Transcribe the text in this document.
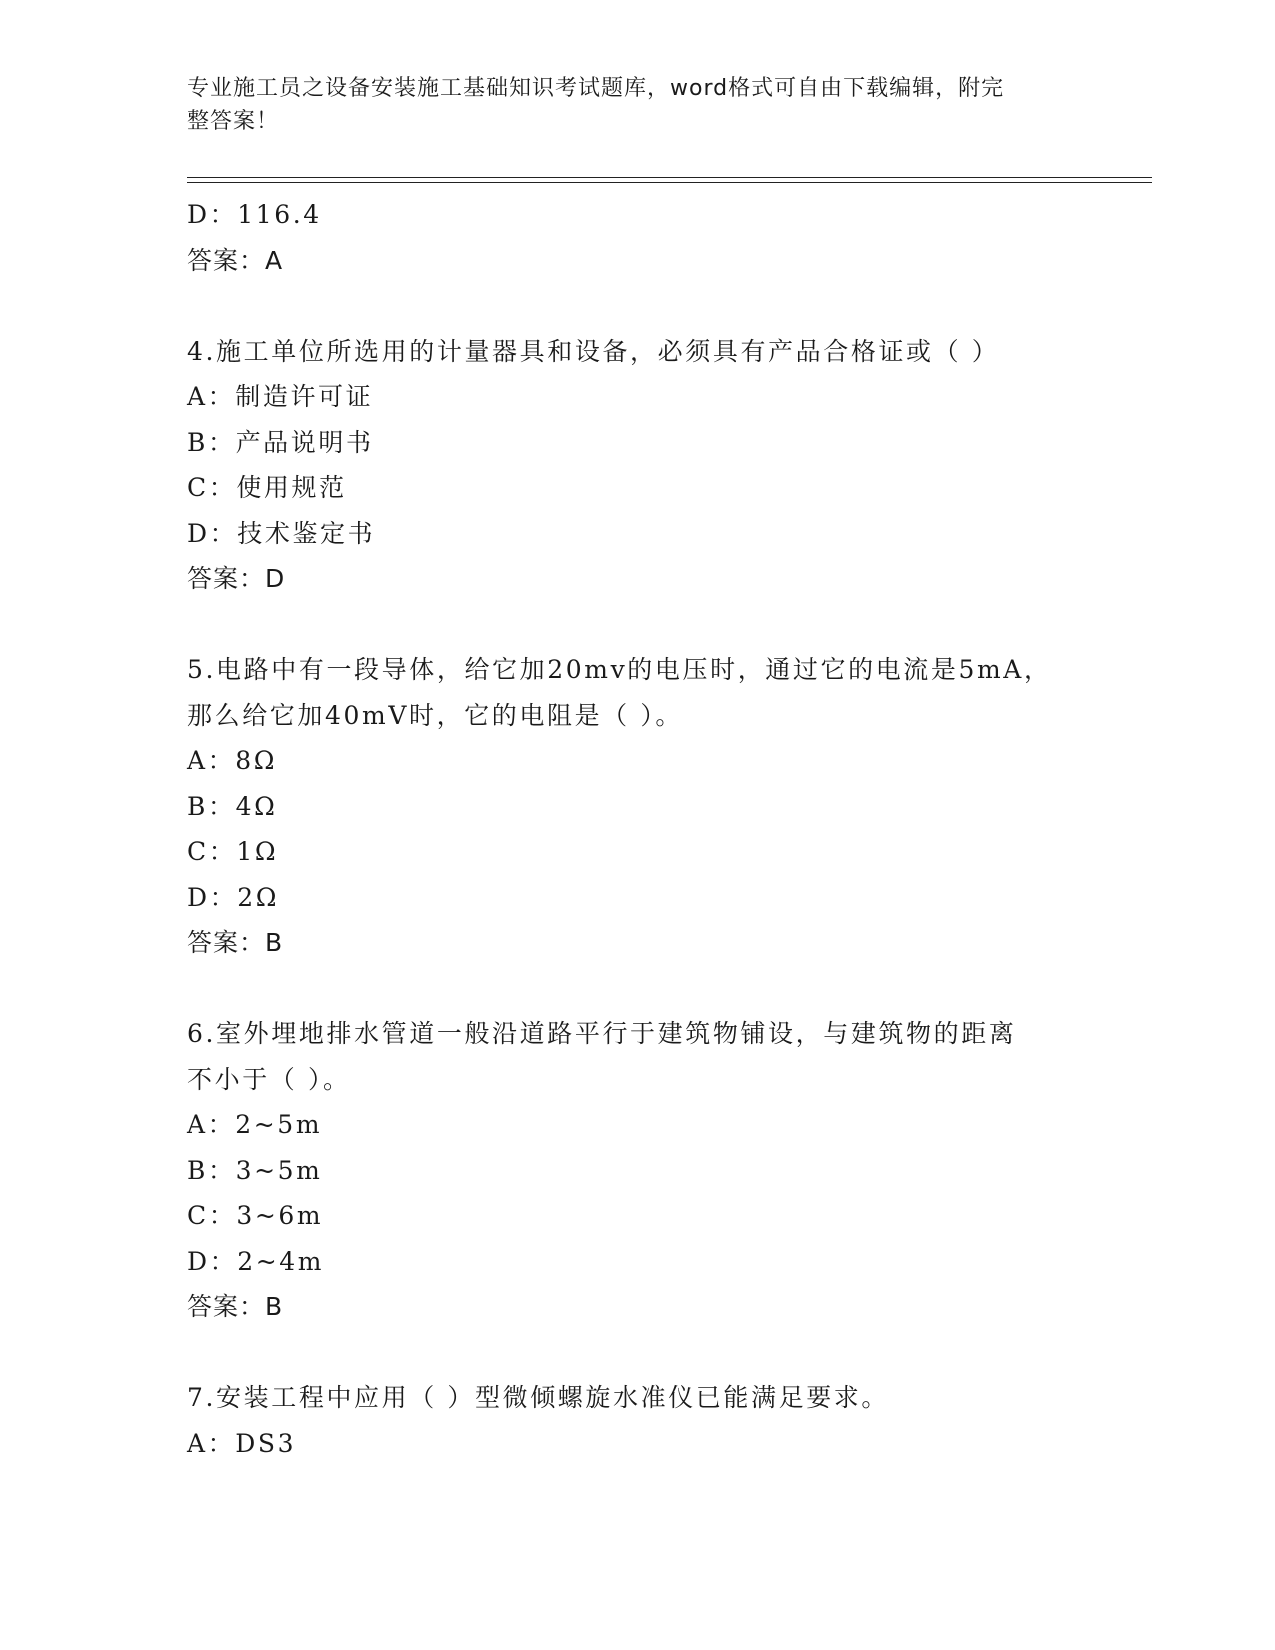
专业施工员之设备安装施工基础知识考试题库，word格式可自由下载编辑，附完
整答案！

D：116.4

答案：A

4.施工单位所选用的计量器具和设备，必须具有产品合格证或（ ）

A：制造许可证

B：产品说明书

C：使用规范

D：技术鉴定书

答案：D

5.电路中有一段导体，给它加20mv的电压时，通过它的电流是5mA，

那么给它加40mV时，它的电阻是（ ）。

A：8Ω

B：4Ω

C：1Ω

D：2Ω

答案：B

6.室外埋地排水管道一般沿道路平行于建筑物铺设，与建筑物的距离

不小于（ ）。

A：2~5m

B：3~5m

C：3~6m

D：2~4m

答案：B

7.安装工程中应用（ ）型微倾螺旋水准仪已能满足要求。

A：DS3
